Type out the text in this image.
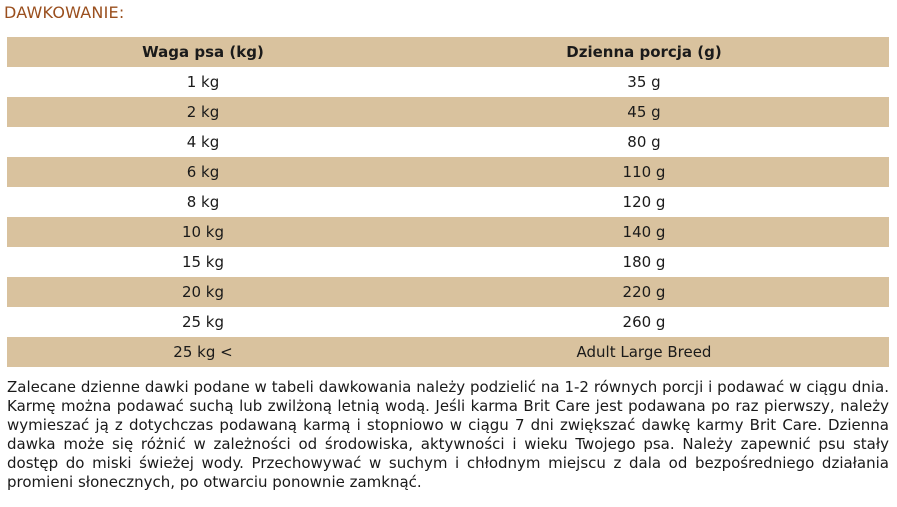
DAWKOWANIE:
Waga psa (kg)	Dzienna porcja (g)
1 kg	35 g
2 kg	45 g
4 kg	80 g
6 kg	110 g
8 kg	120 g
10 kg	140 g
15 kg	180 g
20 kg	220 g
25 kg	260 g
25 kg <	Adult Large Breed

Zalecane dzienne dawki podane w tabeli dawkowania należy podzielić na 1-2 równych porcji i podawać w ciągu dnia. Karmę można podawać suchą lub zwilżoną letnią wodą. Jeśli karma Brit Care jest podawana po raz pierwszy, należy wymieszać ją z dotychczas podawaną karmą i stopniowo w ciągu 7 dni zwiększać dawkę karmy Brit Care. Dzienna dawka może się różnić w zależności od środowiska, aktywności i wieku Twojego psa. Należy zapewnić psu stały dostęp do miski świeżej wody. Przechowywać w suchym i chłodnym miejscu z dala od bezpośredniego działania promieni słonecznych, po otwarciu ponownie zamknąć.
